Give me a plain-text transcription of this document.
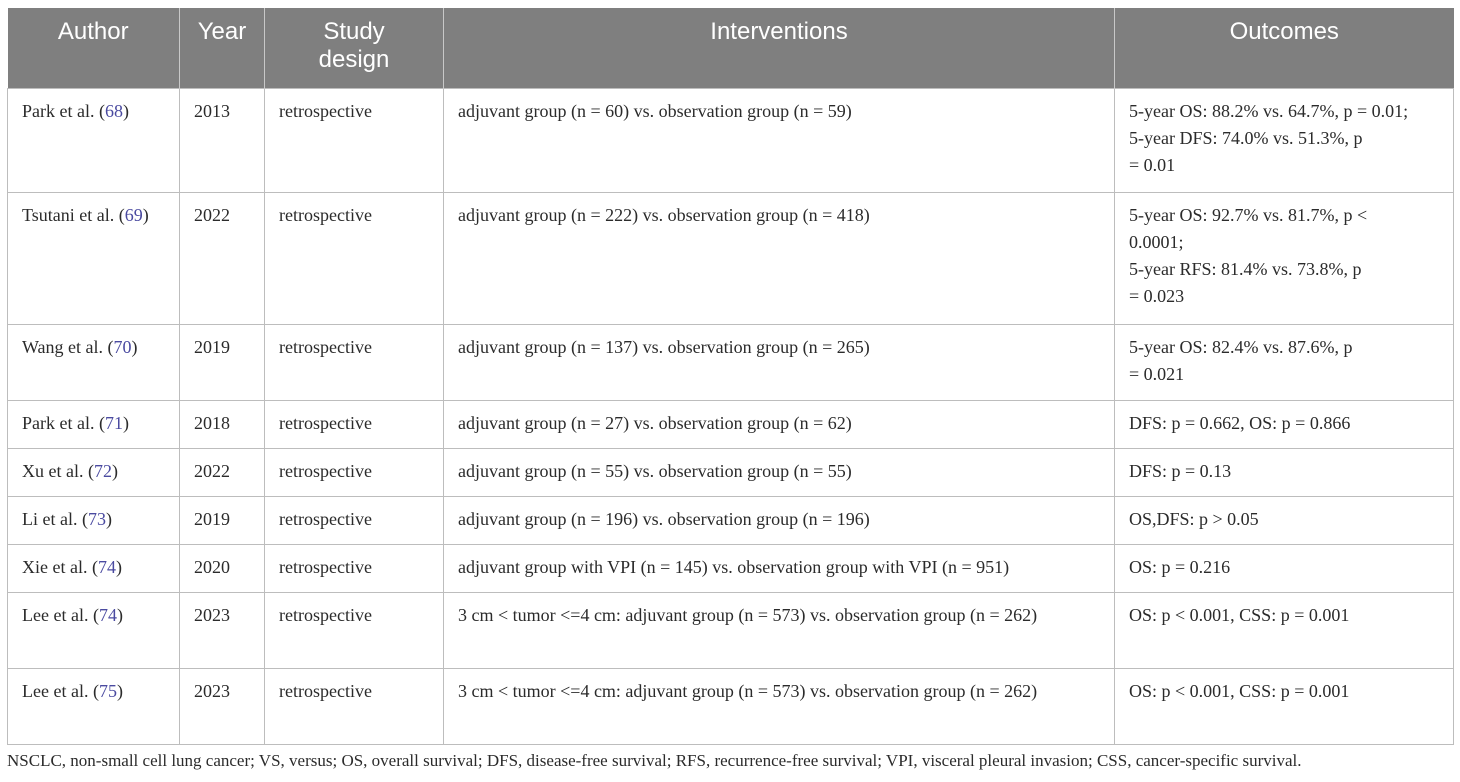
Author	Year	Study design	Interventions	Outcomes
Park et al. (68)	2013	retrospective	adjuvant group (n = 60) vs. observation group (n = 59)	5-year OS: 88.2% vs. 64.7%, p = 0.01;
5-year DFS: 74.0% vs. 51.3%, p
= 0.01

Tsutani et al. (69)	2022	retrospective	adjuvant group (n = 222) vs. observation group (n = 418)	5-year OS: 92.7% vs. 81.7%, p <
0.0001;
5-year RFS: 81.4% vs. 73.8%, p
= 0.023

Wang et al. (70)	2019	retrospective	adjuvant group (n = 137) vs. observation group (n = 265)	5-year OS: 82.4% vs. 87.6%, p
= 0.021

Park et al. (71)	2018	retrospective	adjuvant group (n = 27) vs. observation group (n = 62)	DFS: p = 0.662, OS: p = 0.866

Xu et al. (72)	2022	retrospective	adjuvant group (n = 55) vs. observation group (n = 55)	DFS: p = 0.13

Li et al. (73)	2019	retrospective	adjuvant group (n = 196) vs. observation group (n = 196)	OS,DFS: p > 0.05

Xie et al. (74)	2020	retrospective	adjuvant group with VPI (n = 145) vs. observation group with VPI (n = 951)	OS: p = 0.216

Lee et al. (74)	2023	retrospective	3 cm < tumor <=4 cm: adjuvant group (n = 573) vs. observation group (n = 262)	OS: p < 0.001, CSS: p = 0.001

Lee et al. (75)	2023	retrospective	3 cm < tumor <=4 cm: adjuvant group (n = 573) vs. observation group (n = 262)	OS: p < 0.001, CSS: p = 0.001
NSCLC, non-small cell lung cancer; VS, versus; OS, overall survival; DFS, disease-free survival; RFS, recurrence-free survival; VPI, visceral pleural invasion; CSS, cancer-specific survival.
